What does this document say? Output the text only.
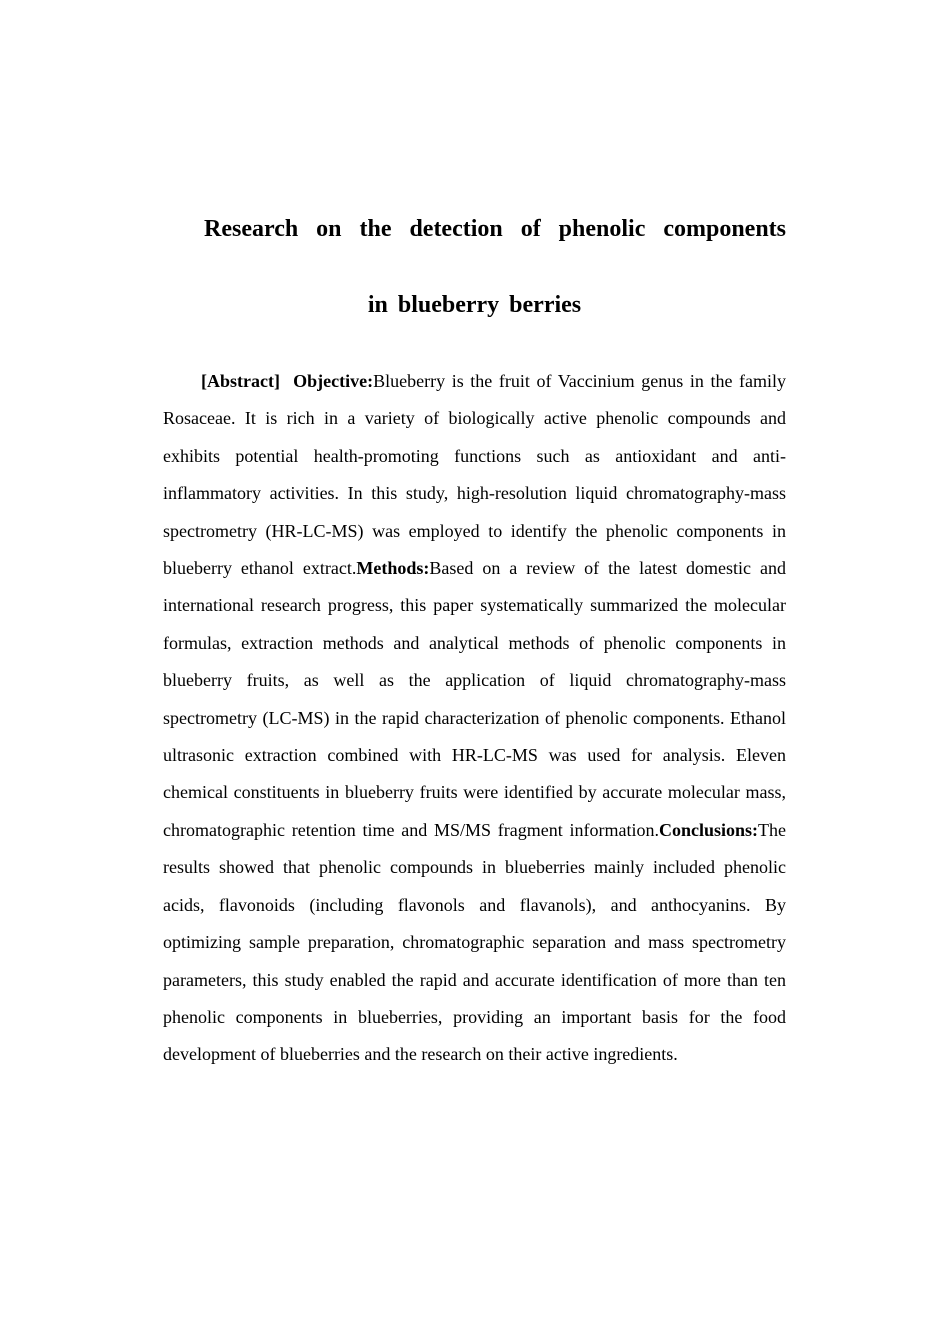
Research on the detection of phenolic components
in blueberry berries

[Abstract] Objective:Blueberry is the fruit of Vaccinium genus in the family Rosaceae. It is rich in a variety of biologically active phenolic compounds and exhibits potential health-promoting functions such as antioxidant and anti-inflammatory activities. In this study, high-resolution liquid chromatography-mass spectrometry (HR-LC-MS) was employed to identify the phenolic components in blueberry ethanol extract.Methods:Based on a review of the latest domestic and international research progress, this paper systematically summarized the molecular formulas, extraction methods and analytical methods of phenolic components in blueberry fruits, as well as the application of liquid chromatography-mass spectrometry (LC-MS) in the rapid characterization of phenolic components. Ethanol ultrasonic extraction combined with HR-LC-MS was used for analysis. Eleven chemical constituents in blueberry fruits were identified by accurate molecular mass, chromatographic retention time and MS/MS fragment information.Conclusions:The results showed that phenolic compounds in blueberries mainly included phenolic acids, flavonoids (including flavonols and flavanols), and anthocyanins. By optimizing sample preparation, chromatographic separation and mass spectrometry parameters, this study enabled the rapid and accurate identification of more than ten phenolic components in blueberries, providing an important basis for the food development of blueberries and the research on their active ingredients.
